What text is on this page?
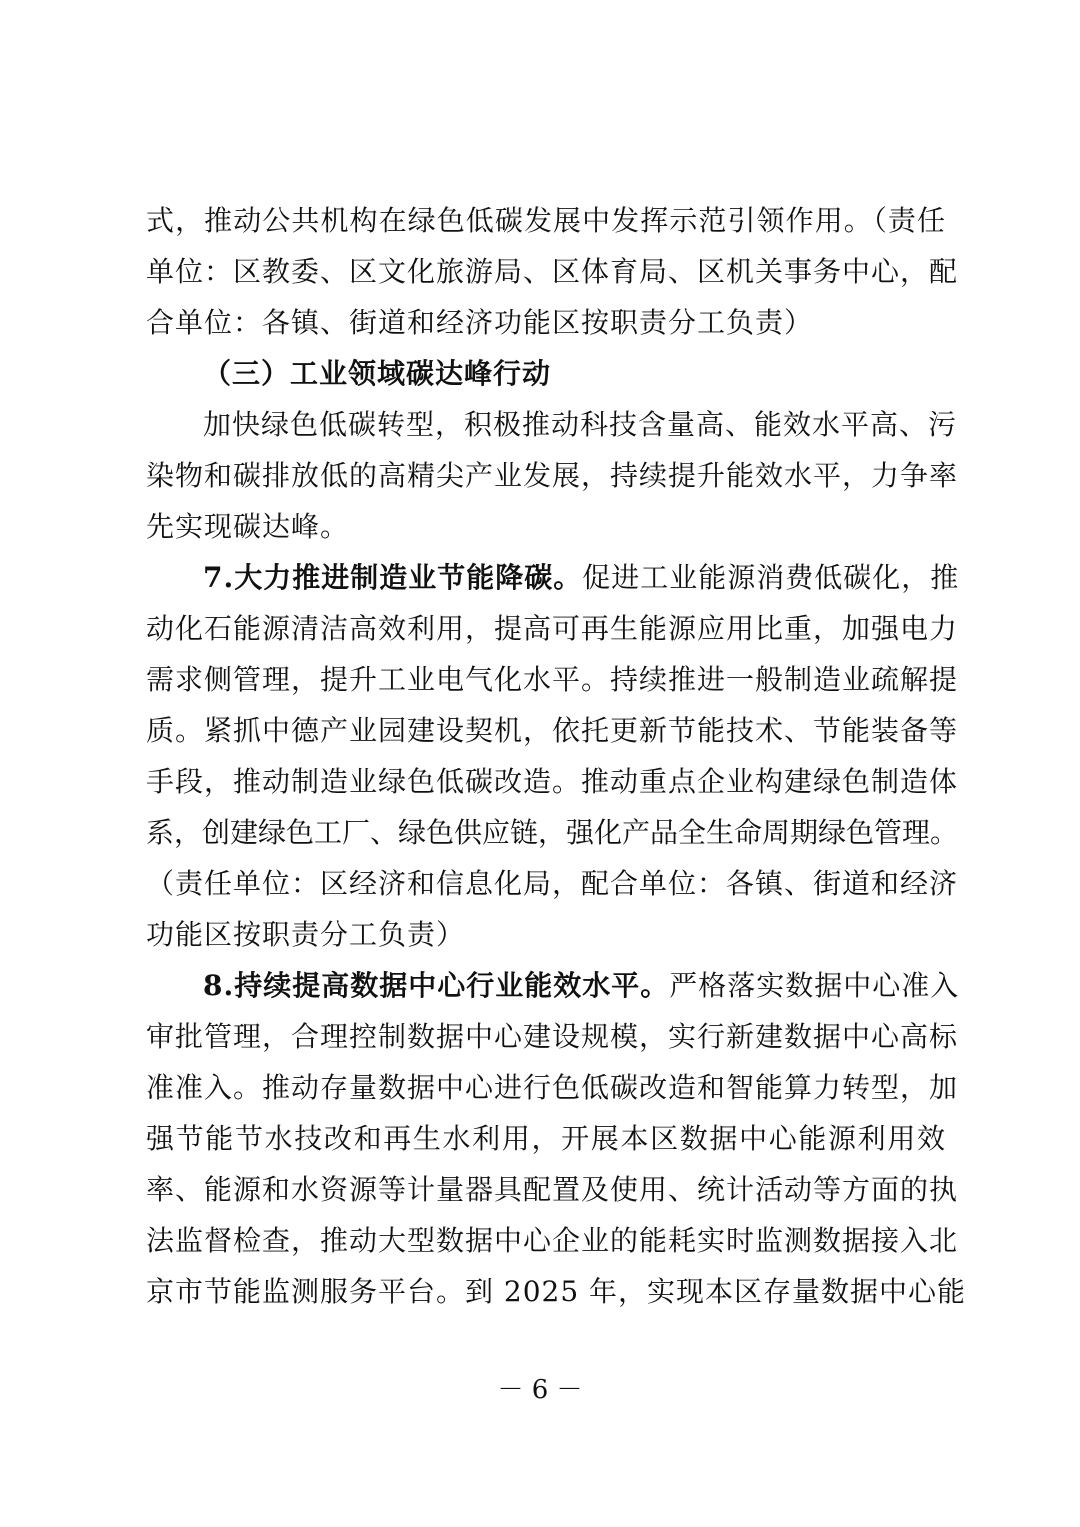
式，推动公共机构在绿色低碳发展中发挥示范引领作用。（责任
单位：区教委、区文化旅游局、区体育局、区机关事务中心，配
合单位：各镇、街道和经济功能区按职责分工负责）
（三）工业领域碳达峰行动
加快绿色低碳转型，积极推动科技含量高、能效水平高、污
染物和碳排放低的高精尖产业发展，持续提升能效水平，力争率
先实现碳达峰。
7.大力推进制造业节能降碳。促进工业能源消费低碳化，推
动化石能源清洁高效利用，提高可再生能源应用比重，加强电力
需求侧管理，提升工业电气化水平。持续推进一般制造业疏解提
质。紧抓中德产业园建设契机，依托更新节能技术、节能装备等
手段，推动制造业绿色低碳改造。推动重点企业构建绿色制造体
系，创建绿色工厂、绿色供应链，强化产品全生命周期绿色管理。
（责任单位：区经济和信息化局，配合单位：各镇、街道和经济
功能区按职责分工负责）
8.持续提高数据中心行业能效水平。严格落实数据中心准入
审批管理，合理控制数据中心建设规模，实行新建数据中心高标
准准入。推动存量数据中心进行色低碳改造和智能算力转型，加
强节能节水技改和再生水利用，开展本区数据中心能源利用效
率、能源和水资源等计量器具配置及使用、统计活动等方面的执
法监督检查，推动大型数据中心企业的能耗实时监测数据接入北
京市节能监测服务平台。到 2025 年，实现本区存量数据中心能
－ 6 －
